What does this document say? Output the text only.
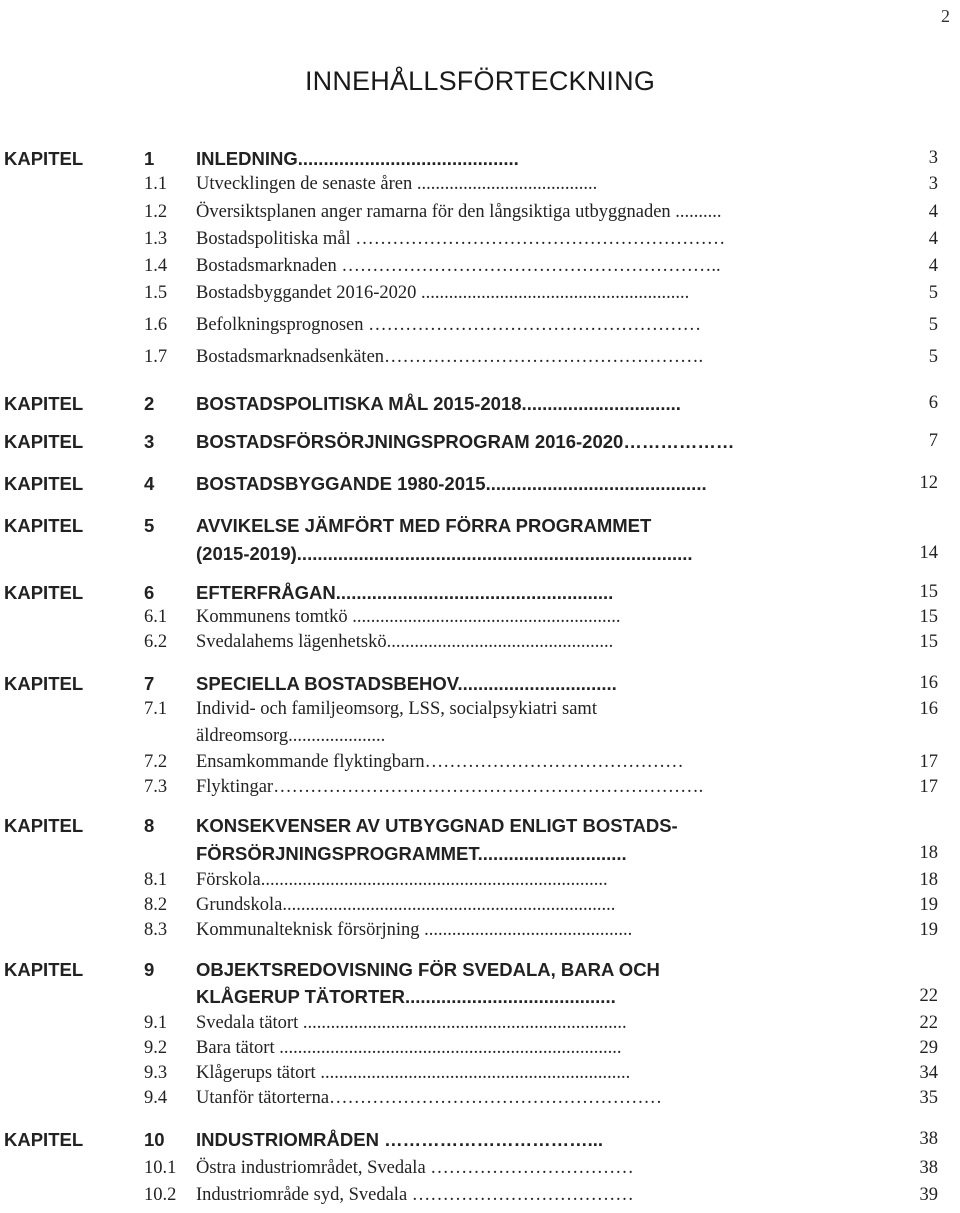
2
INNEHÅLLSFÖRTECKNING
KAPITEL	1 INLEDNING...........................................	3
1.1 Utvecklingen de senaste åren .......................................	3
1.2 Översiktsplanen anger ramarna för den långsiktiga utbyggnaden ..........	4
1.3 Bostadspolitiska mål ……………………………………………………	4
1.4 Bostadsmarknaden ……………………………………………………..	4
1.5 Bostadsbyggandet 2016-2020 ..........................................................	5
1.6 Befolkningsprognosen ………………………………………………	5
1.7 Bostadsmarknadsenkäten…………………………………………….	5
KAPITEL	2 BOSTADSPOLITISKA MÅL 2015-2018...............................	6
KAPITEL	3 BOSTADSFÖRSÖRJNINGSPROGRAM 2016-2020………………	7
KAPITEL	4 BOSTADSBYGGANDE 1980-2015...........................................	12
KAPITEL	5 AVVIKELSE JÄMFÖRT MED FÖRRA PROGRAMMET
(2015-2019).............................................................................	14
KAPITEL	6 EFTERFRÅGAN......................................................	15
6.1 Kommunens tomtkö ..........................................................	15
6.2 Svedalahems lägenhetskö.................................................	15
KAPITEL	7 SPECIELLA BOSTADSBEHOV...............................	16
7.1 Individ- och familjeomsorg, LSS, socialpsykiatri samt	16
äldreomsorg.....................
7.2 Ensamkommande flyktingbarn……………………………………	17
7.3 Flyktingar…………………………………………………………….	17
KAPITEL	8 KONSEKVENSER AV UTBYGGNAD ENLIGT BOSTADS-
FÖRSÖRJNINGSPROGRAMMET.............................	18
8.1 Förskola...........................................................................	18
8.2 Grundskola........................................................................	19
8.3 Kommunalteknisk försörjning .............................................	19
KAPITEL	9 OBJEKTSREDOVISNING FÖR SVEDALA, BARA OCH
KLÅGERUP TÄTORTER.........................................	22
9.1 Svedala tätort ......................................................................	22
9.2 Bara tätort ..........................................................................	29
9.3 Klågerups tätort ...................................................................	34
9.4 Utanför tätorterna………………………………………………	35
KAPITEL	10 INDUSTRIOMRÅDEN ……………………………...	38
10.1 Östra industriområdet, Svedala ……………………………	38
10.2 Industriområde syd, Svedala ………………………………	39
